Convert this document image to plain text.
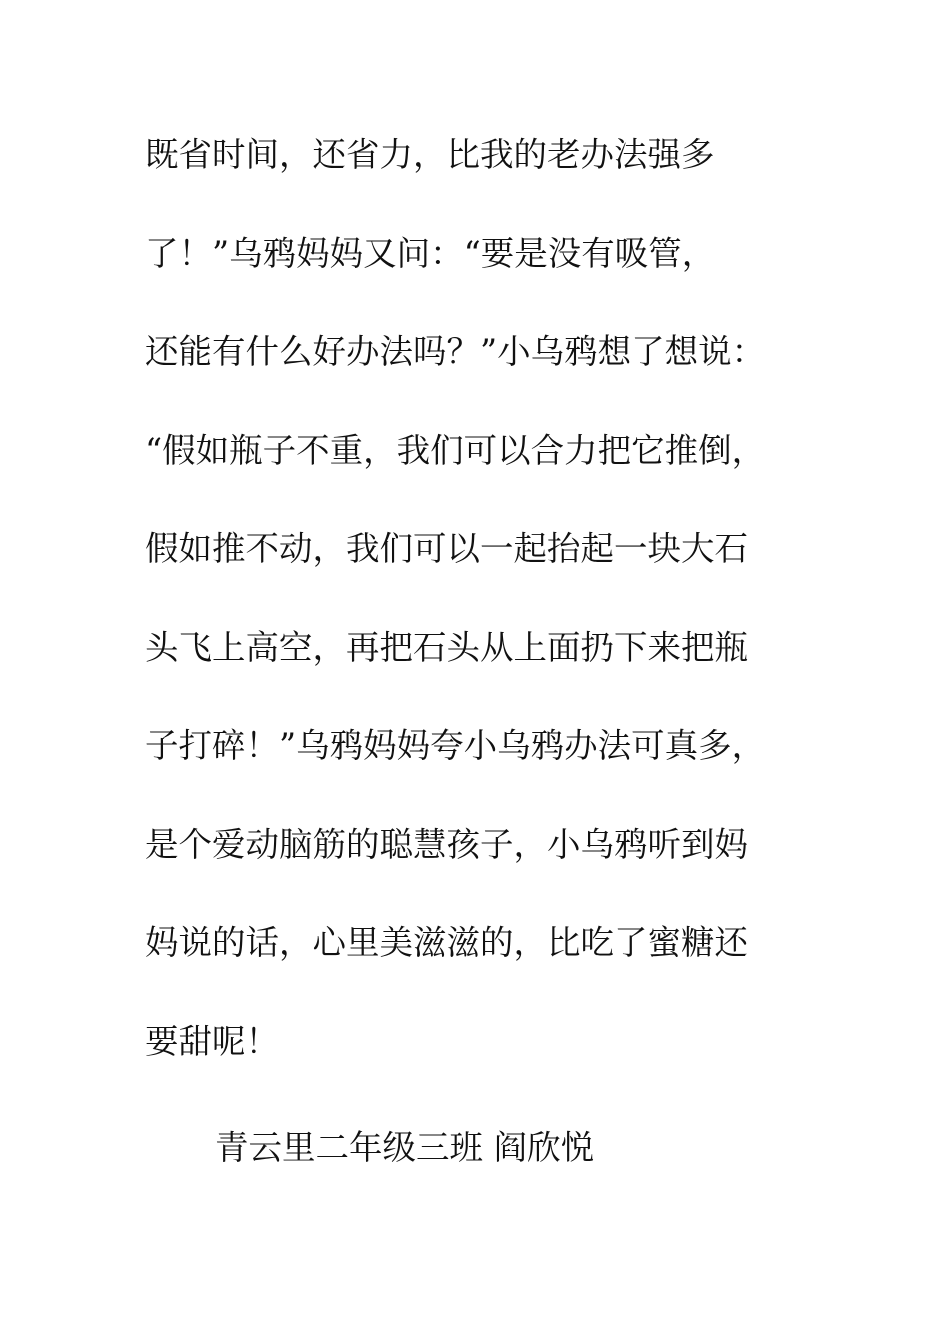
既省时间，还省力，比我的老办法强多
了！”乌鸦妈妈又问：“要是没有吸管，
还能有什么好办法吗？”小乌鸦想了想说：
“假如瓶子不重，我们可以合力把它推倒，
假如推不动，我们可以一起抬起一块大石
头飞上高空，再把石头从上面扔下来把瓶
子打碎！”乌鸦妈妈夸小乌鸦办法可真多，
是个爱动脑筋的聪慧孩子，小乌鸦听到妈
妈说的话，心里美滋滋的，比吃了蜜糖还
要甜呢！
青云里二年级三班 阎欣悦
